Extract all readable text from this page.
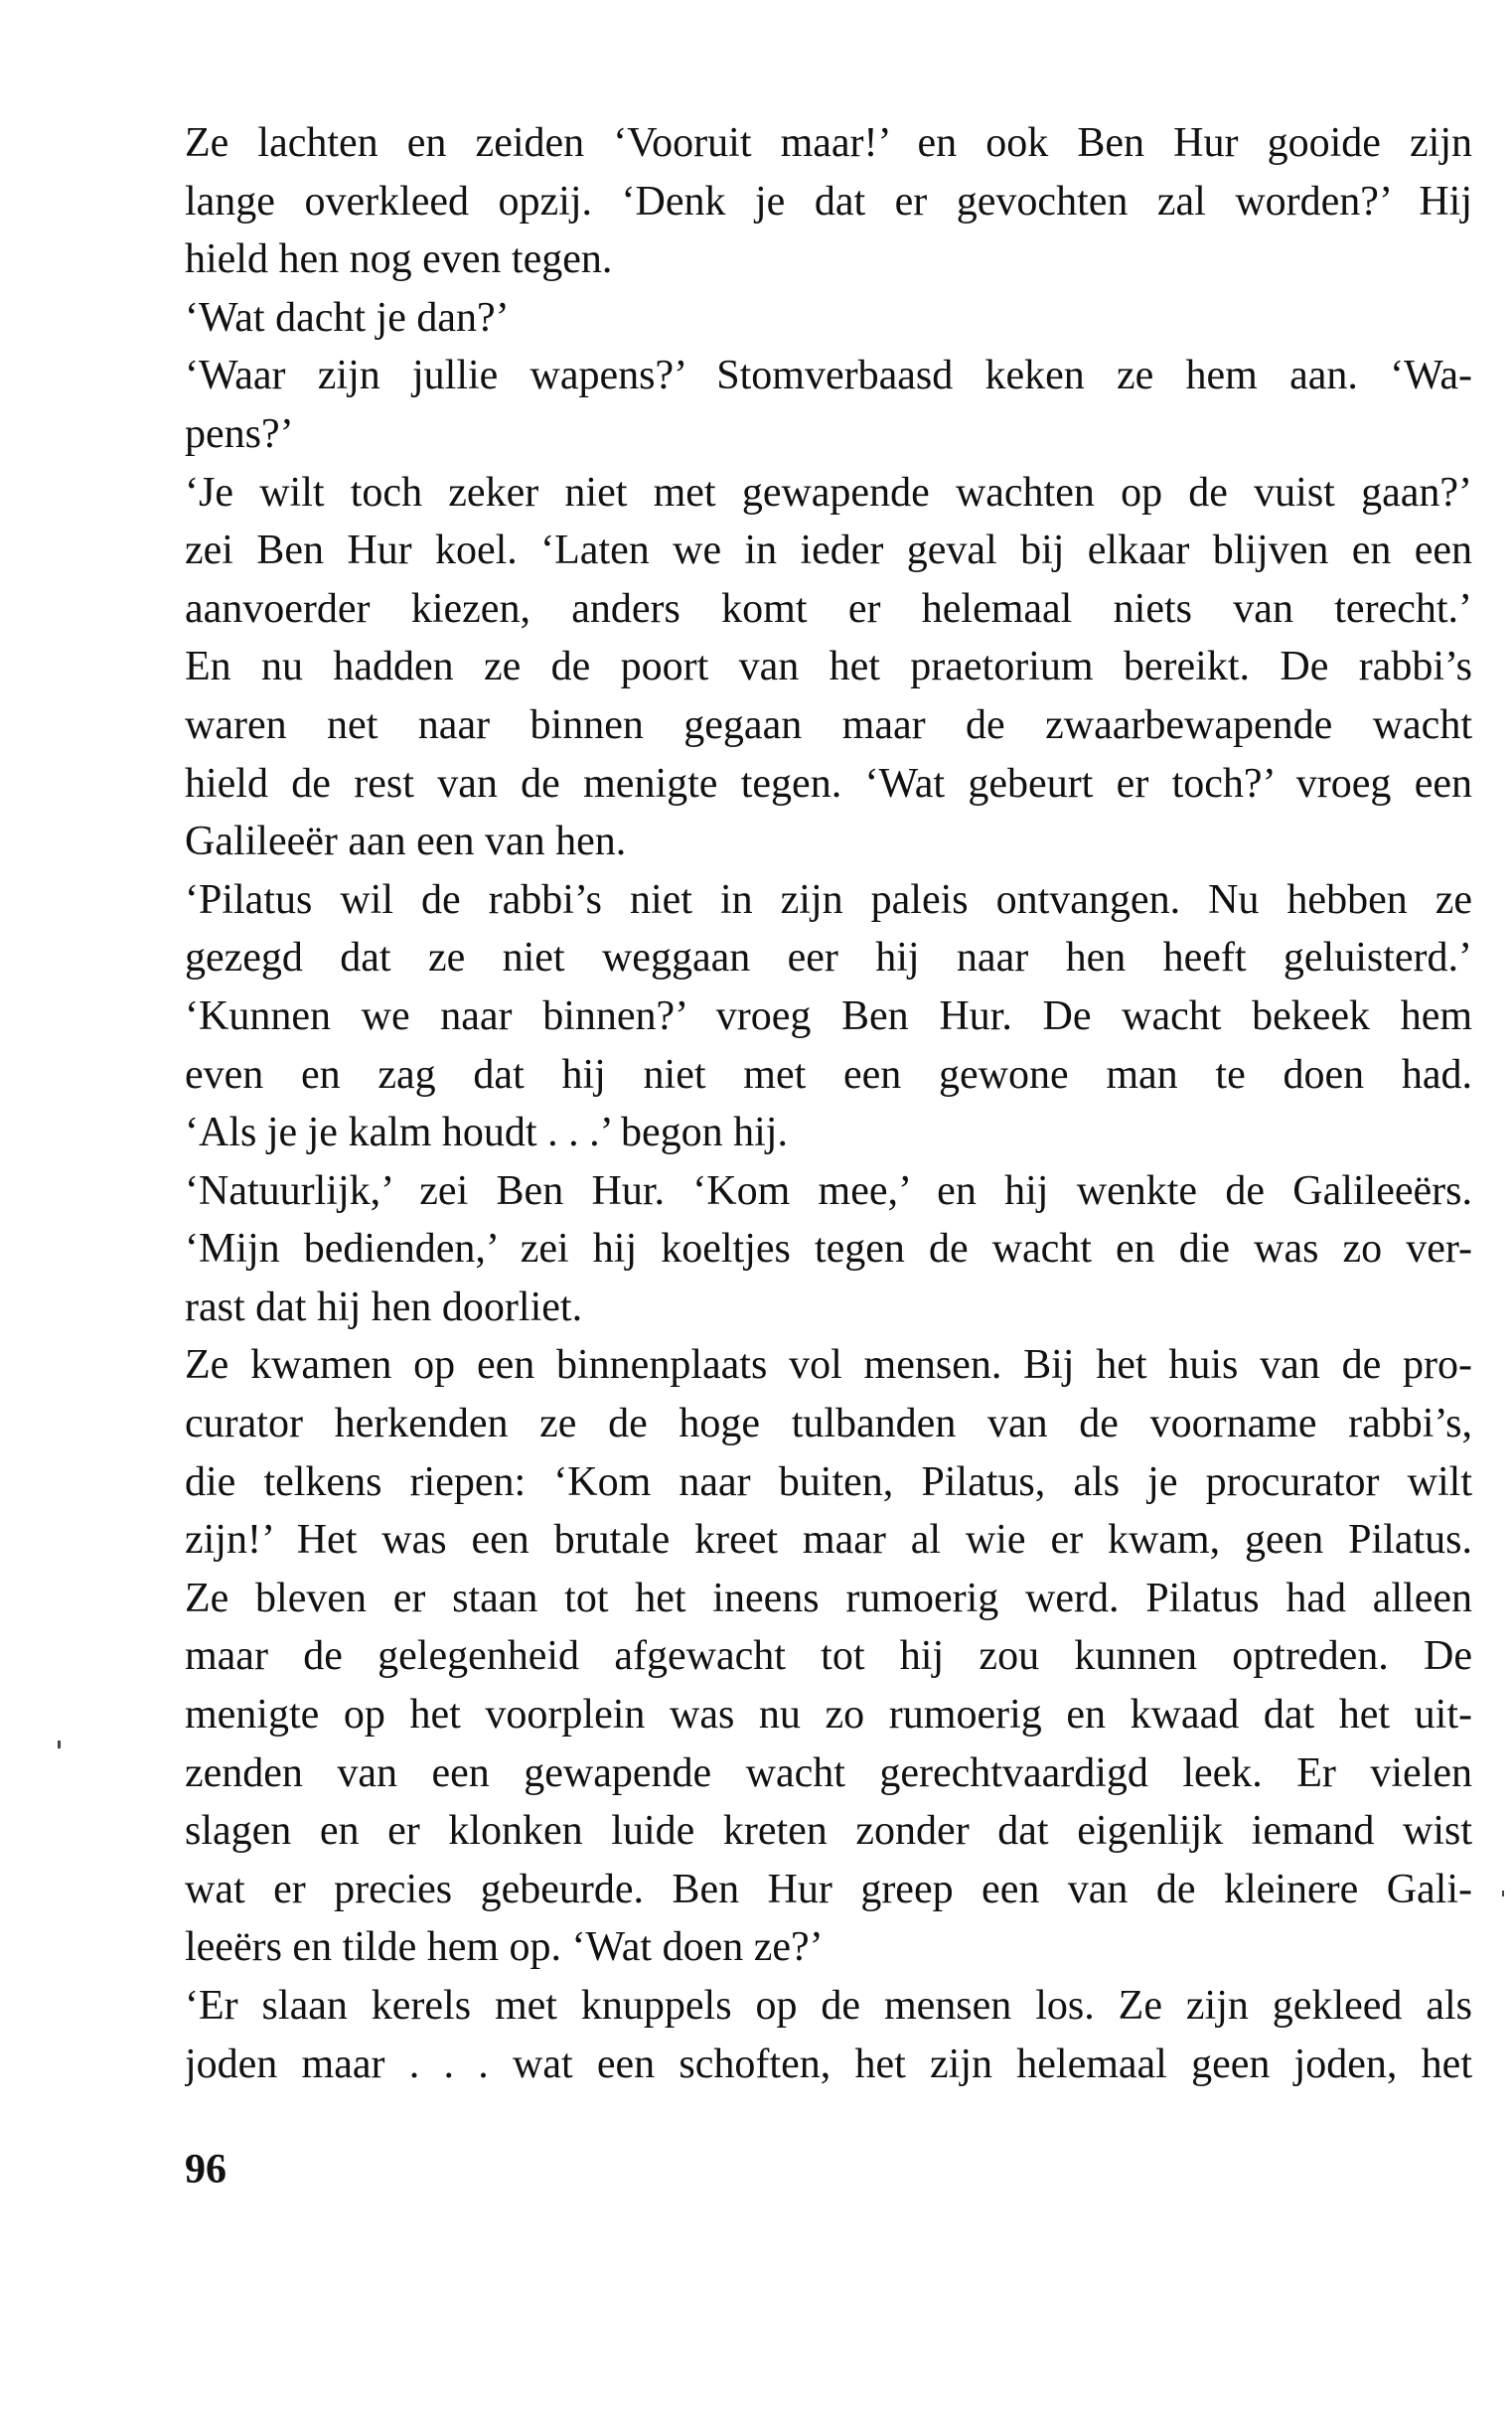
Ze lachten en zeiden ‘Vooruit maar!’ en ook Ben Hur gooide zijn
lange overkleed opzij. ‘Denk je dat er gevochten zal worden?’ Hij
hield hen nog even tegen.
‘Wat dacht je dan?’
‘Waar zijn jullie wapens?’ Stomverbaasd keken ze hem aan. ‘Wa-
pens?’
‘Je wilt toch zeker niet met gewapende wachten op de vuist gaan?’
zei Ben Hur koel. ‘Laten we in ieder geval bij elkaar blijven en een
aanvoerder kiezen, anders komt er helemaal niets van terecht.’
En nu hadden ze de poort van het praetorium bereikt. De rabbi’s
waren net naar binnen gegaan maar de zwaarbewapende wacht
hield de rest van de menigte tegen. ‘Wat gebeurt er toch?’ vroeg een
Galileeër aan een van hen.
‘Pilatus wil de rabbi’s niet in zijn paleis ontvangen. Nu hebben ze
gezegd dat ze niet weggaan eer hij naar hen heeft geluisterd.’
‘Kunnen we naar binnen?’ vroeg Ben Hur. De wacht bekeek hem
even en zag dat hij niet met een gewone man te doen had.
‘Als je je kalm houdt . . .’ begon hij.
‘Natuurlijk,’ zei Ben Hur. ‘Kom mee,’ en hij wenkte de Galileeërs.
‘Mijn bedienden,’ zei hij koeltjes tegen de wacht en die was zo ver-
rast dat hij hen doorliet.
Ze kwamen op een binnenplaats vol mensen. Bij het huis van de pro-
curator herkenden ze de hoge tulbanden van de voorname rabbi’s,
die telkens riepen: ‘Kom naar buiten, Pilatus, als je procurator wilt
zijn!’ Het was een brutale kreet maar al wie er kwam, geen Pilatus.
Ze bleven er staan tot het ineens rumoerig werd. Pilatus had alleen
maar de gelegenheid afgewacht tot hij zou kunnen optreden. De
menigte op het voorplein was nu zo rumoerig en kwaad dat het uit-
zenden van een gewapende wacht gerechtvaardigd leek. Er vielen
slagen en er klonken luide kreten zonder dat eigenlijk iemand wist
wat er precies gebeurde. Ben Hur greep een van de kleinere Gali-
leeërs en tilde hem op. ‘Wat doen ze?’
‘Er slaan kerels met knuppels op de mensen los. Ze zijn gekleed als
joden maar . . . wat een schoften, het zijn helemaal geen joden, het
96
